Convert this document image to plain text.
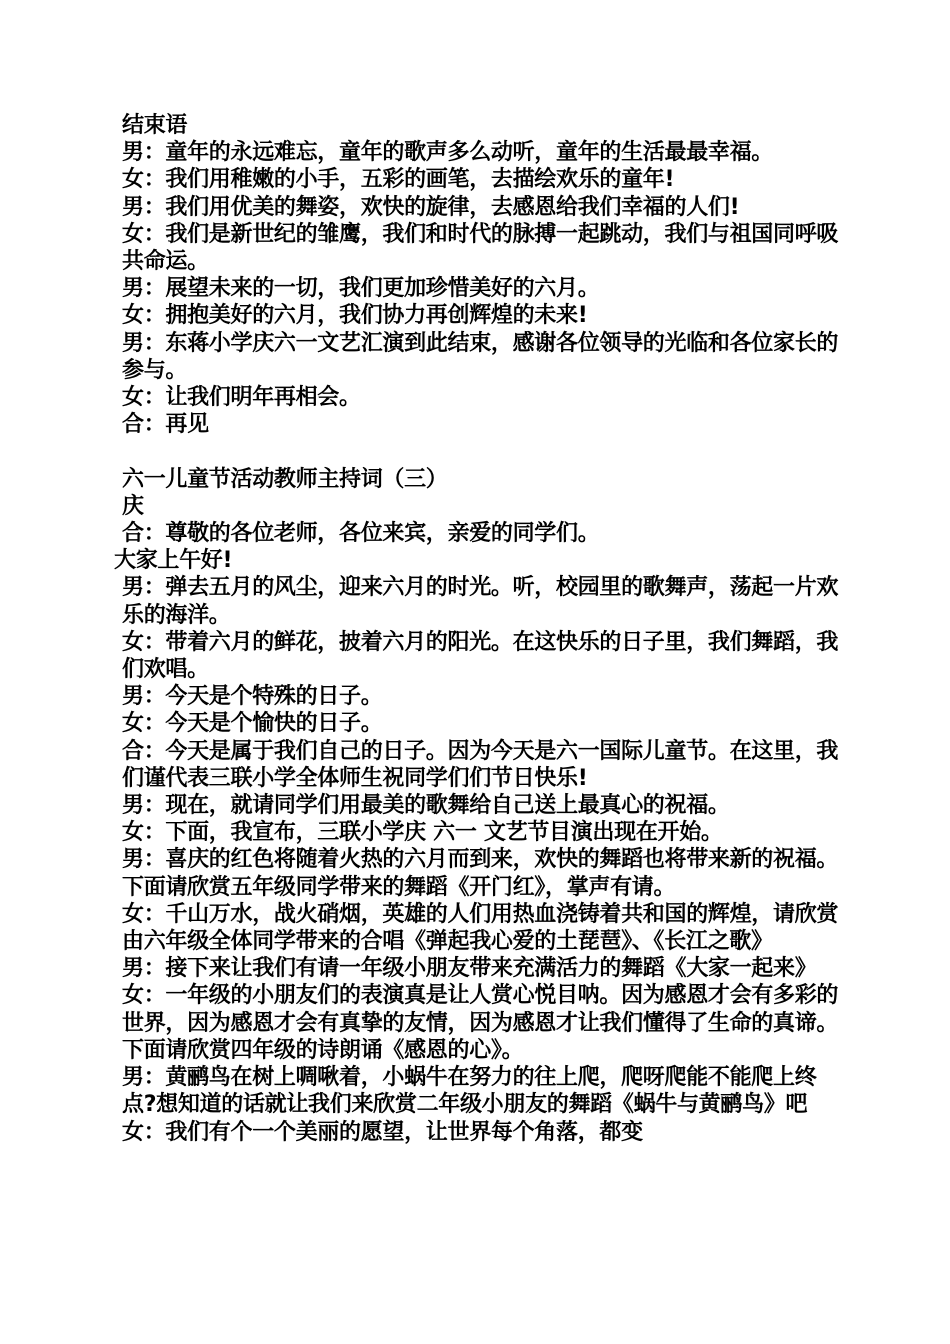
结束语

男：童年的永远难忘，童年的歌声多么动听，童年的生活最最幸福。

女：我们用稚嫩的小手，五彩的画笔，去描绘欢乐的童年!

男：我们用优美的舞姿，欢快的旋律，去感恩给我们幸福的人们!

女：我们是新世纪的雏鹰，我们和时代的脉搏一起跳动，我们与祖国同呼吸共命运。

男：展望未来的一切，我们更加珍惜美好的六月。

女：拥抱美好的六月，我们协力再创辉煌的未来!

男：东蒋小学庆六一文艺汇演到此结束，感谢各位领导的光临和各位家长的参与。

女：让我们明年再相会。

合：再见

六一儿童节活动教师主持词（三）

庆

合：尊敬的各位老师，各位来宾，亲爱的同学们。

大家上午好!

男：弹去五月的风尘，迎来六月的时光。听，校园里的歌舞声，荡起一片欢乐的海洋。

女：带着六月的鲜花，披着六月的阳光。在这快乐的日子里，我们舞蹈，我们欢唱。

男：今天是个特殊的日子。

女：今天是个愉快的日子。

合：今天是属于我们自己的日子。因为今天是六一国际儿童节。在这里，我们谨代表三联小学全体师生祝同学们们节日快乐!

男：现在，就请同学们用最美的歌舞给自己送上最真心的祝福。

女：下面，我宣布，三联小学庆 六一 文艺节目演出现在开始。

男：喜庆的红色将随着火热的六月而到来，欢快的舞蹈也将带来新的祝福。下面请欣赏五年级同学带来的舞蹈《开门红》，掌声有请。

女：千山万水，战火硝烟，英雄的人们用热血浇铸着共和国的辉煌，请欣赏由六年级全体同学带来的合唱《弹起我心爱的土琵琶》、《长江之歌》

男：接下来让我们有请一年级小朋友带来充满活力的舞蹈《大家一起来》

女：一年级的小朋友们的表演真是让人赏心悦目呐。因为感恩才会有多彩的世界，因为感恩才会有真挚的友情，因为感恩才让我们懂得了生命的真谛。下面请欣赏四年级的诗朗诵《感恩的心》。

男：黄鹂鸟在树上啁啾着，小蜗牛在努力的往上爬，爬呀爬能不能爬上终点?想知道的话就让我们来欣赏二年级小朋友的舞蹈《蜗牛与黄鹂鸟》吧女：我们有个一个美丽的愿望，让世界每个角落，都变
